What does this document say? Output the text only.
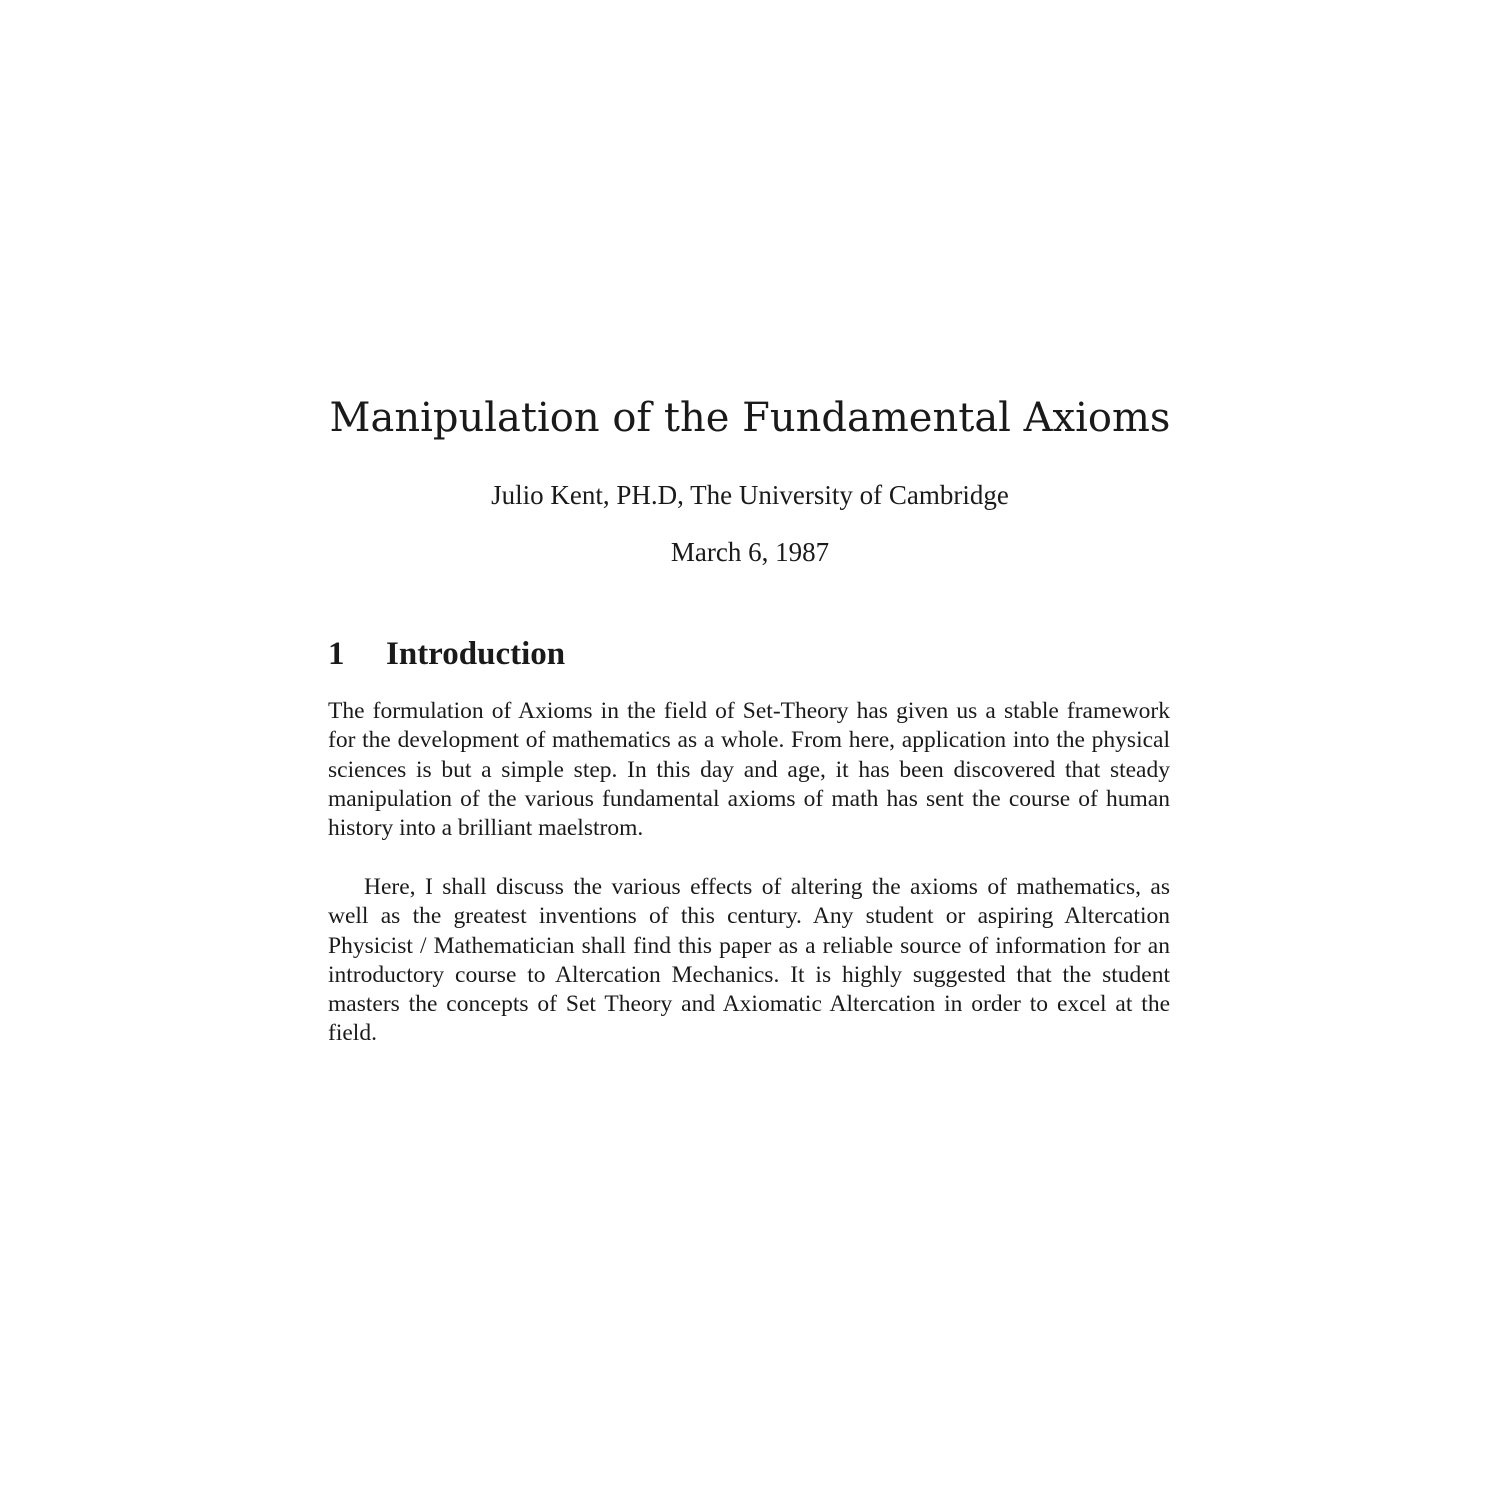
Manipulation of the Fundamental Axioms

Julio Kent, PH.D, The University of Cambridge

March 6, 1987

1 Introduction

The formulation of Axioms in the field of Set-Theory has given us a stable framework for the development of mathematics as a whole. From here, application into the physical sciences is but a simple step. In this day and age, it has been discovered that steady manipulation of the various fundamental axioms of math has sent the course of human history into a brilliant maelstrom.

Here, I shall discuss the various effects of altering the axioms of mathematics, as well as the greatest inventions of this century. Any student or aspiring Altercation Physicist / Mathematician shall find this paper as a reliable source of information for an introductory course to Altercation Mechanics. It is highly suggested that the student masters the concepts of Set Theory and Axiomatic Altercation in order to excel at the field.
